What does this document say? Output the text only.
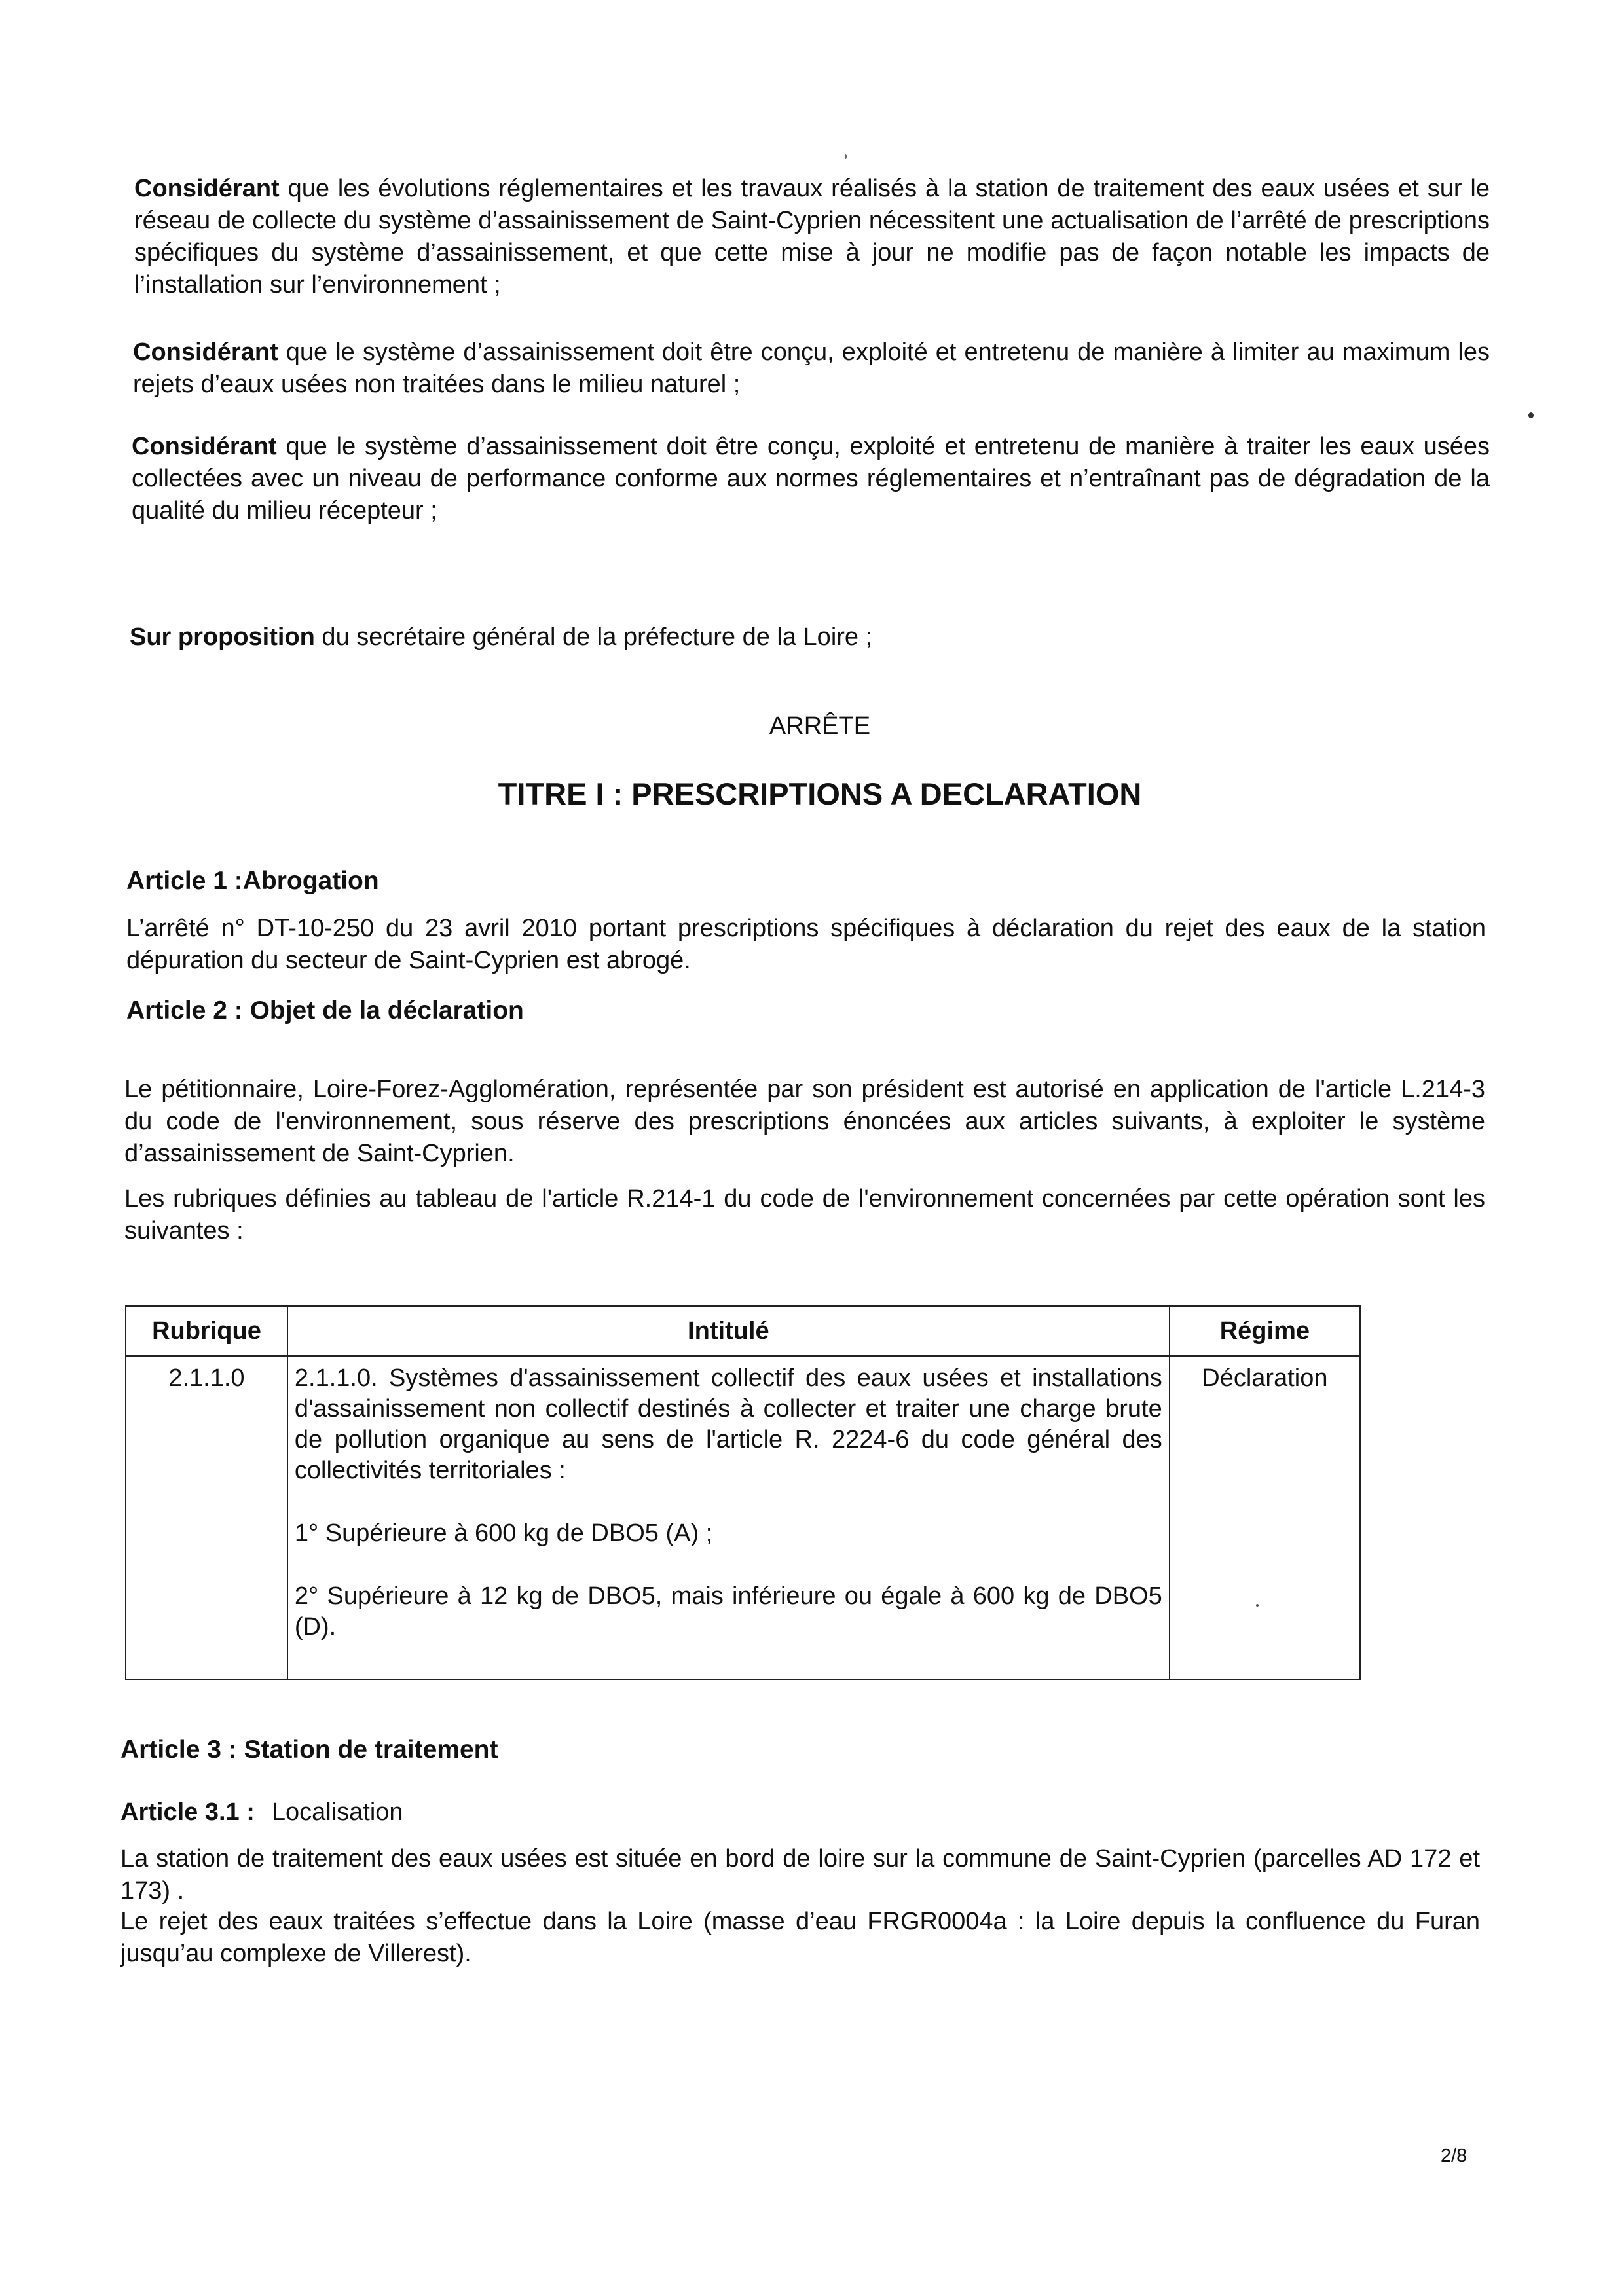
Considérant que les évolutions réglementaires et les travaux réalisés à la station de traitement des eaux usées et sur le réseau de collecte du système d’assainissement de Saint-Cyprien nécessitent une actualisation de l’arrêté de prescriptions spécifiques du système d’assainissement, et que cette mise à jour ne modifie pas de façon notable les impacts de l’installation sur l’environnement ;

Considérant que le système d’assainissement doit être conçu, exploité et entretenu de manière à limiter au maximum les rejets d’eaux usées non traitées dans le milieu naturel ;

Considérant que le système d’assainissement doit être conçu, exploité et entretenu de manière à traiter les eaux usées collectées avec un niveau de performance conforme aux normes réglementaires et n’entraînant pas de dégradation de la qualité du milieu récepteur ;

Sur proposition du secrétaire général de la préfecture de la Loire ;

ARRÊTE

TITRE I : PRESCRIPTIONS A DECLARATION

Article 1 :Abrogation

L’arrêté n° DT-10-250 du 23 avril 2010 portant prescriptions spécifiques à déclaration du rejet des eaux de la station dépuration du secteur de Saint-Cyprien est abrogé.

Article 2 : Objet de la déclaration

Le pétitionnaire, Loire-Forez-Agglomération, représentée par son président est autorisé en application de l'article L.214-3 du code de l'environnement, sous réserve des prescriptions énoncées aux articles suivants, à exploiter le système d’assainissement de Saint-Cyprien.

Les rubriques définies au tableau de l'article R.214-1 du code de l'environnement concernées par cette opération sont les suivantes :

Rubrique	Intitulé	Régime
2.1.1.0	2.1.1.0. Systèmes d'assainissement collectif des eaux usées et installations d'assainissement non collectif destinés à collecter et traiter une charge brute de pollution organique au sens de l'article R. 2224-6 du code général des collectivités territoriales :

1° Supérieure à 600 kg de DBO5 (A) ;

2° Supérieure à 12 kg de DBO5, mais inférieure ou égale à 600 kg de DBO5 (D).	Déclaration

Article 3 : Station de traitement

Article 3.1 : Localisation

La station de traitement des eaux usées est située en bord de loire sur la commune de Saint-Cyprien (parcelles AD 172 et 173) .

Le rejet des eaux traitées s’effectue dans la Loire (masse d’eau FRGR0004a : la Loire depuis la confluence du Furan jusqu’au complexe de Villerest).

2/8
